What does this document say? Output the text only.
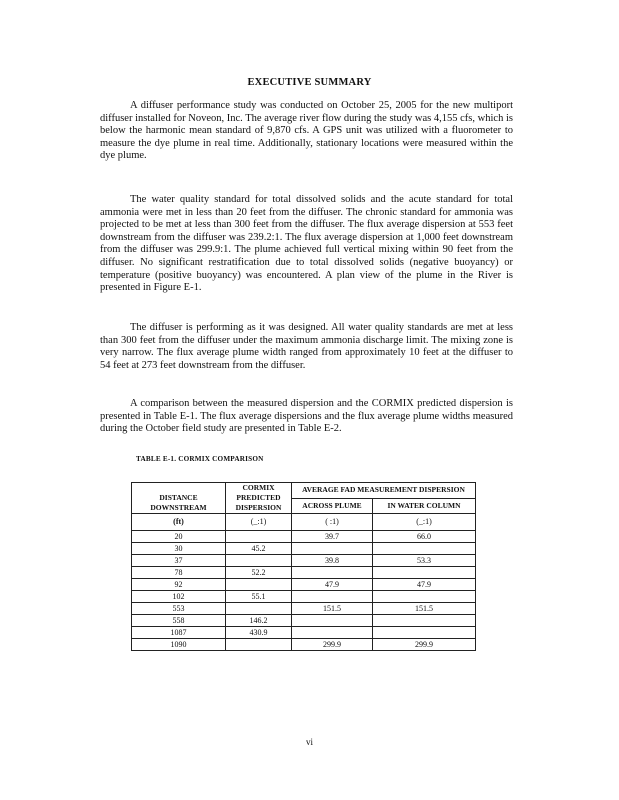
EXECUTIVE SUMMARY

A diffuser performance study was conducted on October 25, 2005 for the new multiport diffuser installed for Noveon, Inc. The average river flow during the study was 4,155 cfs, which is below the harmonic mean standard of 9,870 cfs. A GPS unit was utilized with a fluorometer to measure the dye plume in real time. Additionally, stationary locations were measured within the dye plume.

The water quality standard for total dissolved solids and the acute standard for total ammonia were met in less than 20 feet from the diffuser. The chronic standard for ammonia was projected to be met at less than 300 feet from the diffuser. The flux average dispersion at 553 feet downstream from the diffuser was 239.2:1. The flux average dispersion at 1,000 feet downstream from the diffuser was 299.9:1. The plume achieved full vertical mixing within 90 feet from the diffuser. No significant restratification due to total dissolved solids (negative buoyancy) or temperature (positive buoyancy) was encountered. A plan view of the plume in the River is presented in Figure E-1.

The diffuser is performing as it was designed. All water quality standards are met at less than 300 feet from the diffuser under the maximum ammonia discharge limit. The mixing zone is very narrow. The flux average plume width ranged from approximately 10 feet at the diffuser to 54 feet at 273 feet downstream from the diffuser.

A comparison between the measured dispersion and the CORMIX predicted dispersion is presented in Table E-1. The flux average dispersions and the flux average plume widths measured during the October field study are presented in Table E-2.

TABLE E-1. CORMIX COMPARISON
DISTANCE DOWNSTREAM	CORMIX PREDICTED DISPERSION	AVERAGE FAD MEASUREMENT DISPERSION	
		ACROSS PLUME	IN WATER COLUMN
(ft)	(_:1)	( :1)	(_:1)
20		39.7	66.0
30	45.2		
37		39.8	53.3
78	52.2		
92		47.9	47.9
102	55.1		
553		151.5	151.5
558	146.2		
1087	430.9		
1090		299.9	299.9
vi
